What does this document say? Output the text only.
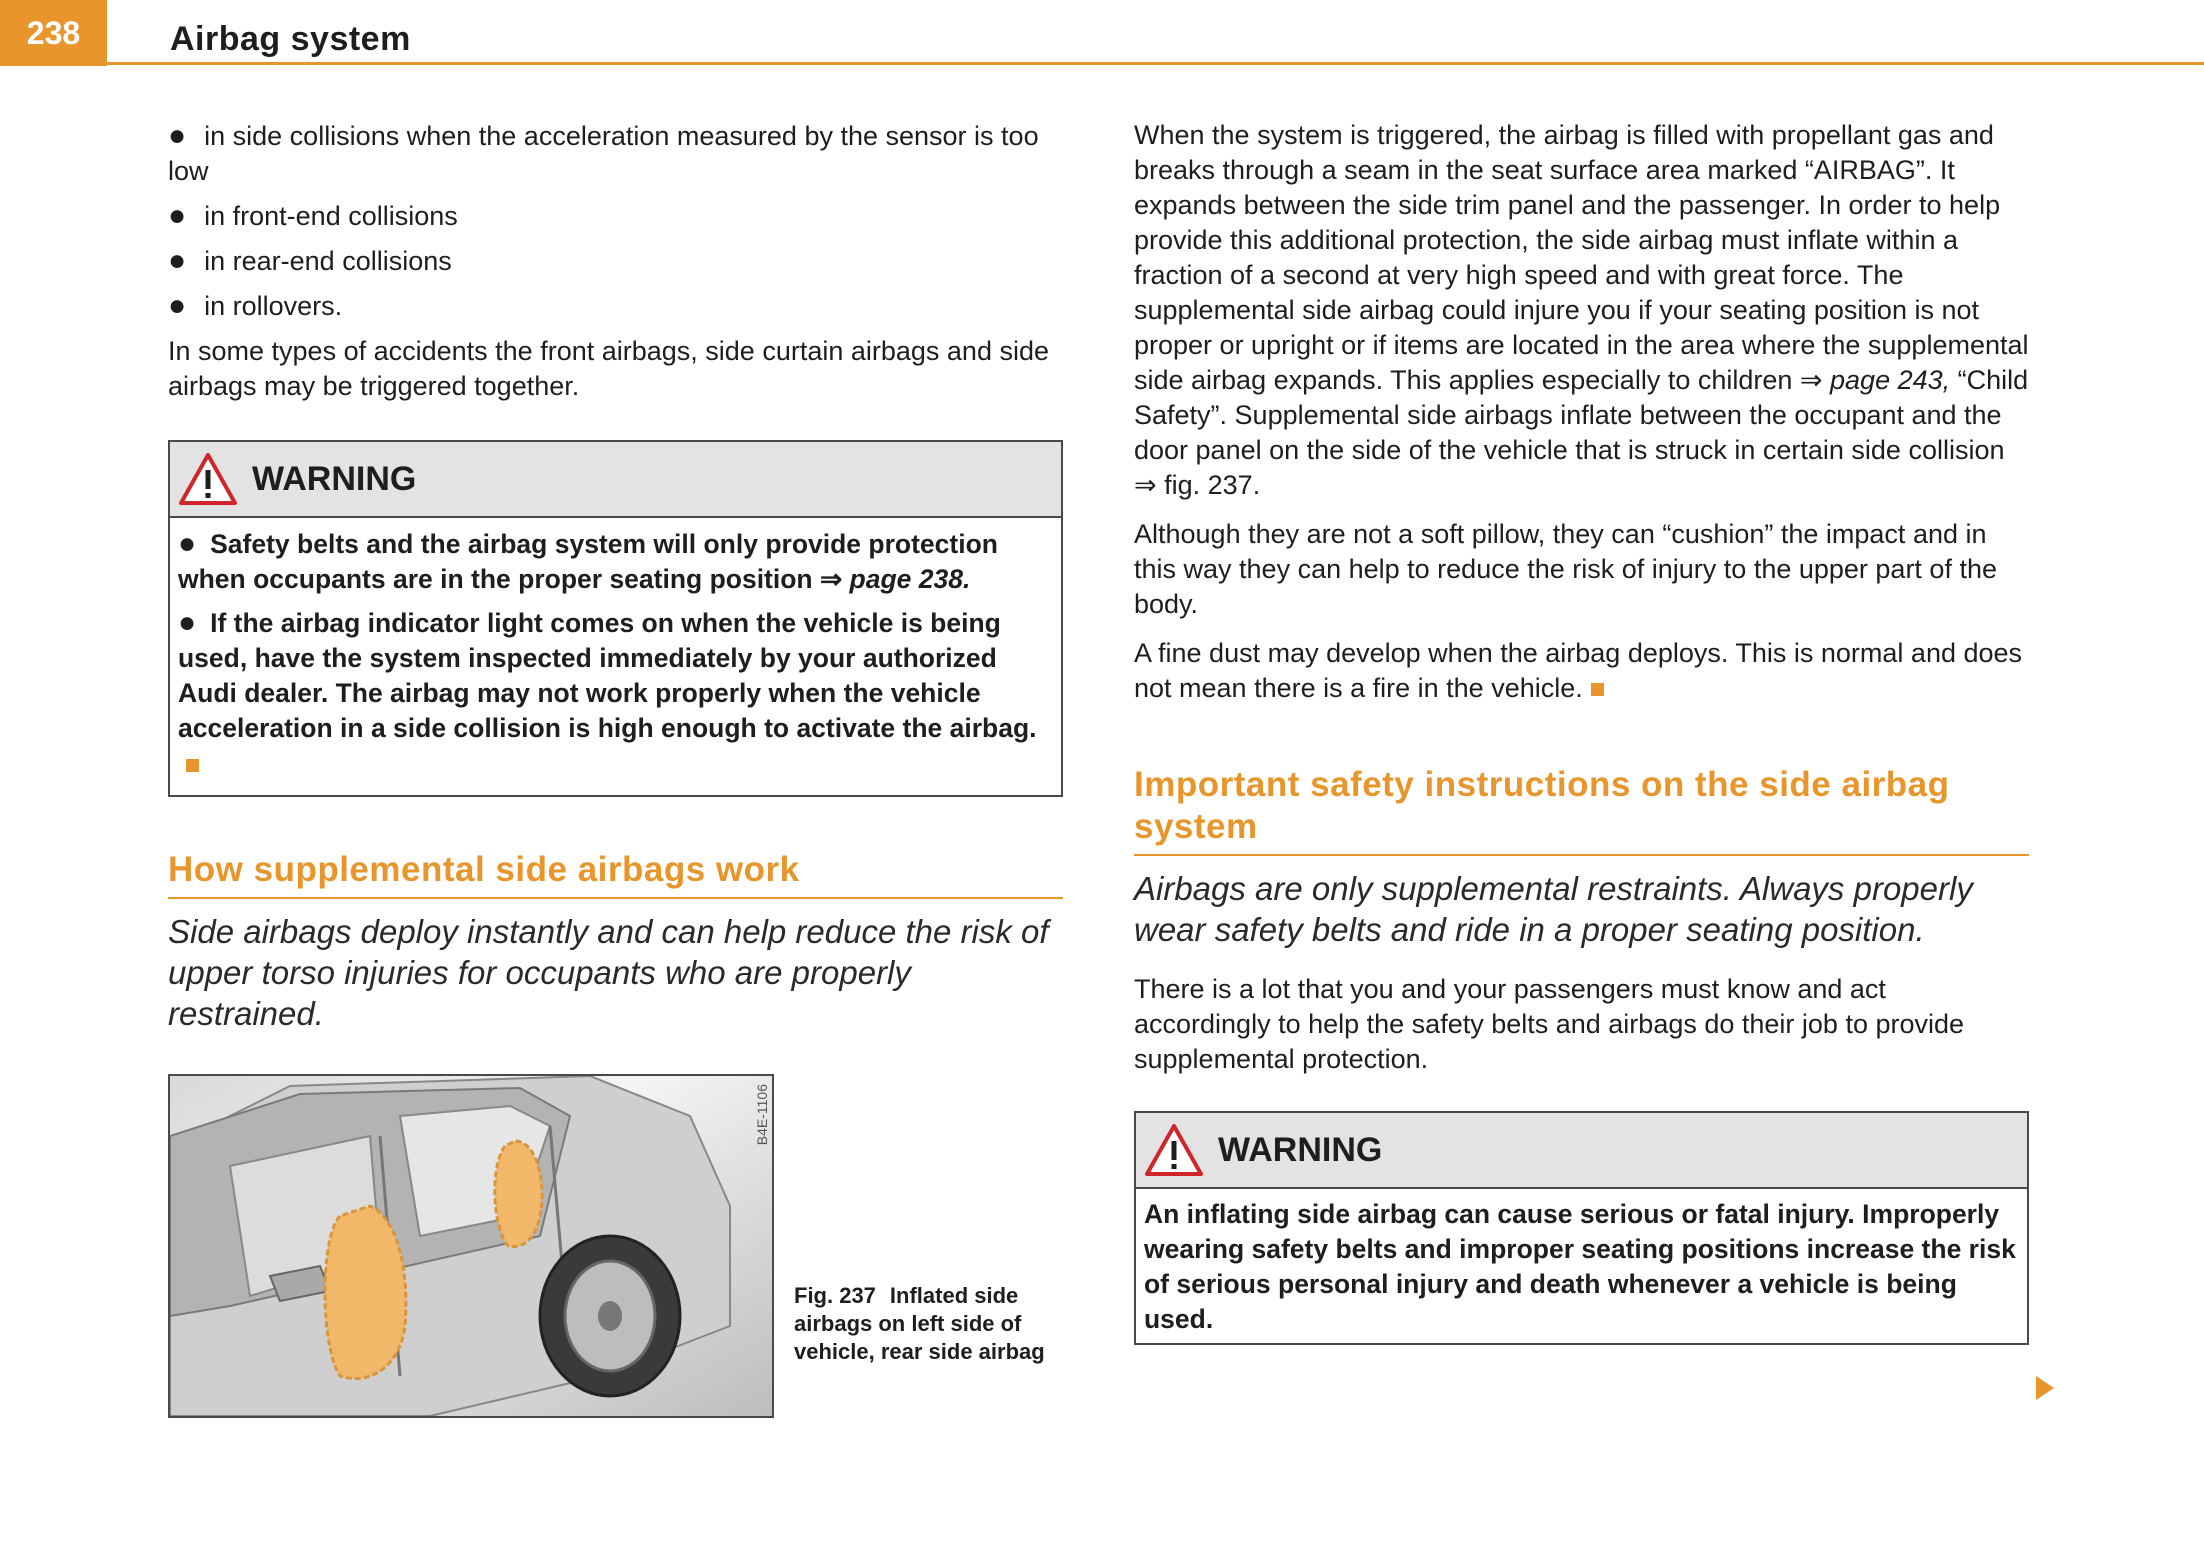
238	Airbag system
● in side collisions when the acceleration measured by the sensor is too low
● in front-end collisions
● in rear-end collisions
● in rollovers.

In some types of accidents the front airbags, side curtain airbags and side airbags may be triggered together.

WARNING

● Safety belts and the airbag system will only provide protection when occupants are in the proper seating position ⇒ page 238.

● If the airbag indicator light comes on when the vehicle is being used, have the system inspected immediately by your authorized Audi dealer. The airbag may not work properly when the vehicle acceleration in a side collision is high enough to activate the airbag.

How supplemental side airbags work

Side airbags deploy instantly and can help reduce the risk of upper torso injuries for occupants who are properly restrained.

B4E-1106
Fig. 237 Inflated side airbags on left side of vehicle, rear side airbag

When the system is triggered, the airbag is filled with propellant gas and breaks through a seam in the seat surface area marked “AIRBAG”. It expands between the side trim panel and the passenger. In order to help provide this additional protection, the side airbag must inflate within a fraction of a second at very high speed and with great force. The supplemental side airbag could injure you if your seating position is not proper or upright or if items are located in the area where the supplemental side airbag expands. This applies especially to children ⇒ page 243, “Child Safety”. Supplemental side airbags inflate between the occupant and the door panel on the side of the vehicle that is struck in certain side collision ⇒ fig. 237.

Although they are not a soft pillow, they can “cushion” the impact and in this way they can help to reduce the risk of injury to the upper part of the body.

A fine dust may develop when the airbag deploys. This is normal and does not mean there is a fire in the vehicle.

Important safety instructions on the side airbag system

Airbags are only supplemental restraints. Always properly wear safety belts and ride in a proper seating position.

There is a lot that you and your passengers must know and act accordingly to help the safety belts and airbags do their job to provide supplemental protection.

WARNING

An inflating side airbag can cause serious or fatal injury. Improperly wearing safety belts and improper seating positions increase the risk of serious personal injury and death whenever a vehicle is being used.
